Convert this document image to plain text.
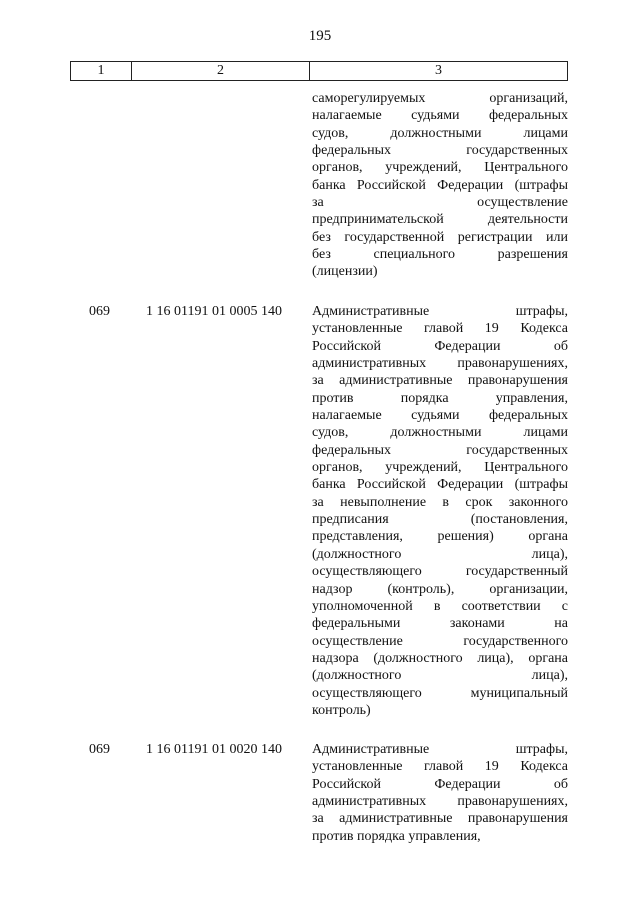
195
1	2	3

саморегулируемых организаций,
налагаемые судьями федеральных
судов, должностными лицами
федеральных государственных
органов, учреждений, Центрального
банка Российской Федерации (штрафы
за осуществление
предпринимательской деятельности
без государственной регистрации или
без специального разрешения
(лицензии)

069	1 16 01191 01 0005 140 Административные штрафы,
установленные главой 19 Кодекса
Российской Федерации об
административных правонарушениях,
за административные правонарушения
против порядка управления,
налагаемые судьями федеральных
судов, должностными лицами
федеральных государственных
органов, учреждений, Центрального
банка Российской Федерации (штрафы
за невыполнение в срок законного
предписания (постановления,
представления, решения) органа
(должностного лица),
осуществляющего государственный
надзор (контроль), организации,
уполномоченной в соответствии с
федеральными законами на
осуществление государственного
надзора (должностного лица), органа
(должностного лица),
осуществляющего муниципальный
контроль)

069	1 16 01191 01 0020 140 Административные штрафы,
установленные главой 19 Кодекса
Российской Федерации об
административных правонарушениях,
за административные правонарушения
против порядка управления,
